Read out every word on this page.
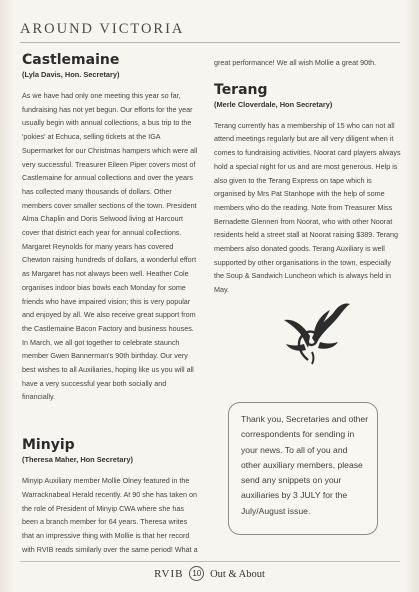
AROUND VICTORIA
Castlemaine
(Lyla Davis, Hon. Secretary)

As we have had only one meeting this year so far, fundraising has not yet begun. Our efforts for the year usually begin with annual collections, a bus trip to the 'pokies' at Echuca, selling tickets at the IGA Supermarket for our Christmas hampers which were all very successful. Treasurer Eileen Piper covers most of Castlemaine for annual collections and over the years has collected many thousands of dollars. Other members cover smaller sections of the town. President Alma Chaplin and Doris Selwood living at Harcourt cover that district each year for annual collections. Margaret Reynolds for many years has covered Chewton raising hundreds of dollars, a wonderful effort as Margaret has not always been well. Heather Cole organises indoor bias bowls each Monday for some friends who have impaired vision; this is very popular and enjoyed by all. We also receive great support from the Castlemaine Bacon Factory and business houses. In March, we all got together to celebrate staunch member Gwen Bannerman's 90th birthday. Our very best wishes to all Auxiliaries, hoping like us you will all have a very successful year both socially and financially.

Minyip
(Theresa Maher, Hon Secretary)

Minyip Auxiliary member Mollie Olney featured in the Warracknabeal Herald recently. At 90 she has taken on the role of President of Minyip CWA where she has been a branch member for 64 years. Theresa writes that an impressive thing with Mollie is that her record with RVIB reads similarly over the same period! What a

great performance! We all wish Mollie a great 90th.

Terang
(Merle Cloverdale, Hon Secretary)

Terang currently has a membership of 15 who can not all attend meetings regularly but are all very diligent when it comes to fundraising activities. Noorat card players always hold a special night for us and are most generous. Help is also given to the Terang Express on tape which is organised by Mrs Pat Stanhope with the help of some members who do the reading. Note from Treasurer Miss Bernadette Glennen from Noorat, who with other Noorat residents held a street stall at Noorat raising $389. Terang members also donated goods. Terang Auxiliary is well supported by other organisations in the town, especially the Soup & Sandwich Luncheon which is always held in May.

Thank you, Secretaries and other correspondents for sending in your news. To all of you and other auxiliary members, please send any snippets on your auxiliaries by 3 JULY for the July/August issue.

RVIB 10 Out & About
